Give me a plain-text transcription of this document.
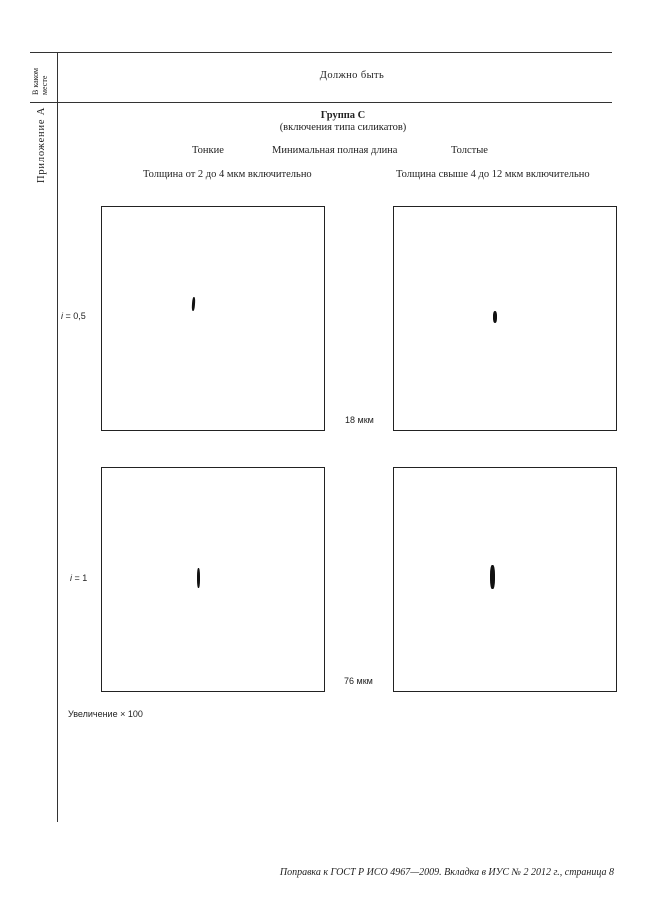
В каком месте
Приложение А
Должно быть
Группа С
(включения типа силикатов)
Тонкие	Минимальная полная длина	Толстые
Толщина от 2 до 4 мкм включительно	Толщина свыше 4 до 12 мкм включительно
i = 0,5
18 мкм
i = 1
76 мкм
Увеличение × 100
Поправка к ГОСТ Р ИСО 4967—2009. Вкладка в ИУС № 2 2012 г., страница 8
